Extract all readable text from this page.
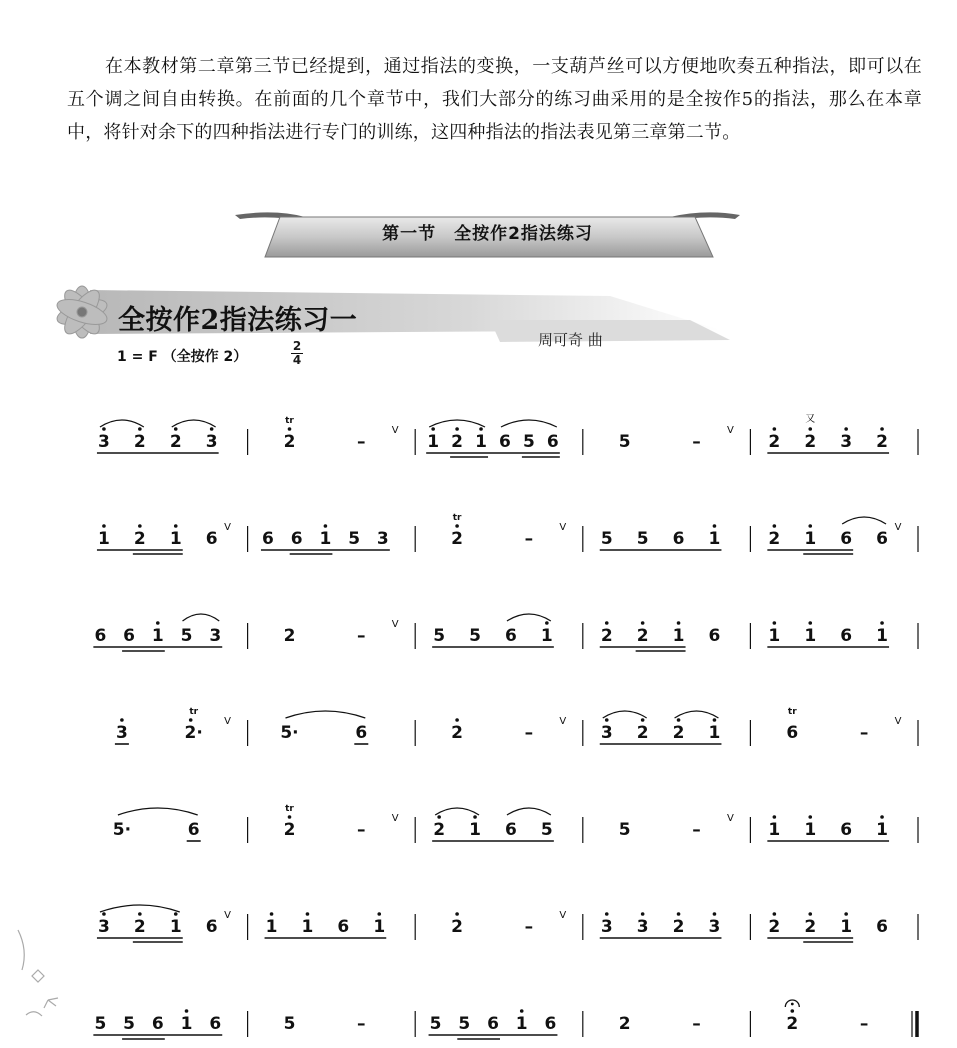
在本教材第二章第三节已经提到，通过指法的变换，一支葫芦丝可以方便地吹奏五种指法，即可以在五个调之间自由转换。在前面的几个章节中，我们大部分的练习曲采用的是全按作5的指法，那么在本章中，将针对余下的四种指法进行专门的训练，这四种指法的指法表见第三章第二节。

第一节　全按作2指法练习
全按作2指法练习一
周可奇 曲
1 = F （全按作 2）
2
4
3 2 2 3	2
tr
–
V
1 2 1 6 5 6	5	–
V
2 2
又
3 2
1 2 1 6
V
6 6 1 5 3	2
tr
–
V
5 5 6 1	2 1 6 6
V
6 6 1 5 3	2	–
V
5 5 6 1	2 2 1 6	1 1 6 1
3	2·
tr
V
5·	6	2	–
V
3 2 2 1	6
tr
–
V
5·	6	2
tr
–
V
2 1 6 5	5	–
V
1 1 6 1
3 2 1 6
V
1 1 6 1	2	–
V
3 3 2 3	2 2 1 6
5 5 6 1 6	5	–	5 5 6 1 6	2	–	2	–
